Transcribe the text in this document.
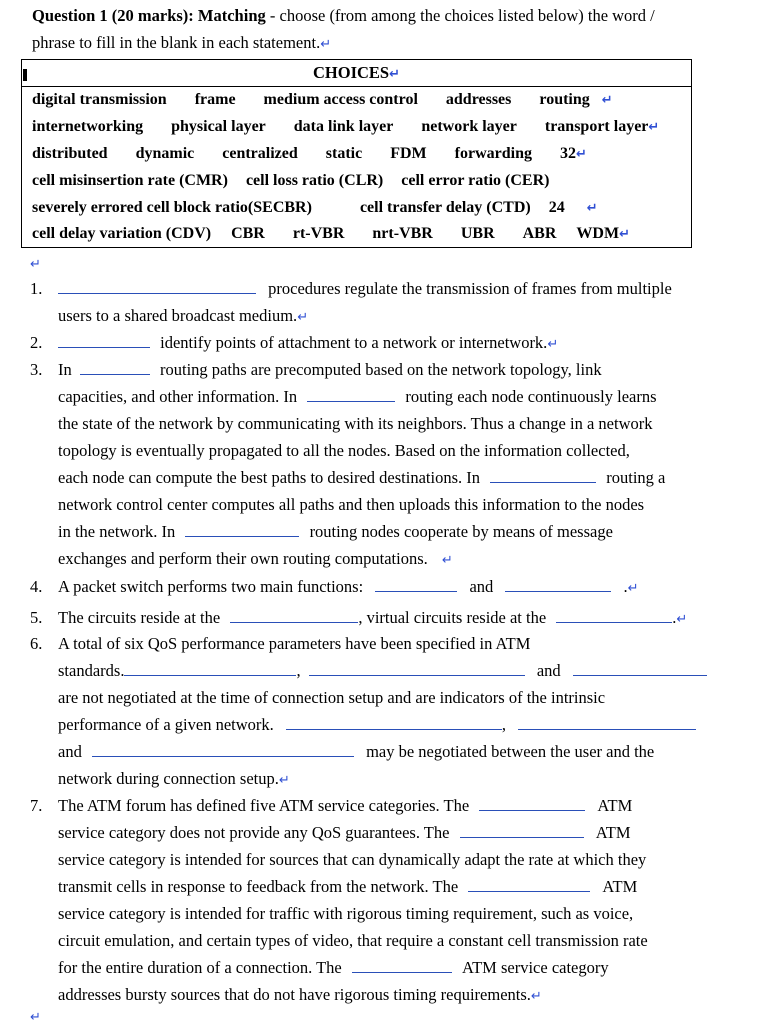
Question 1 (20 marks): Matching - choose (from among the choices listed below) the word /
phrase to fill in the blank in each statement.↵
CHOICES↵
digital transmission frame medium access control addresses routing ↵
internetworking physical layer data link layer network layer transport layer↵
distributed dynamic centralized static FDM forwarding 32↵
cell misinsertion rate (CMR) cell loss ratio (CLR) cell error ratio (CER)
severely errored cell block ratio(SECBR)	cell transfer delay (CTD) 24 ↵
cell delay variation (CDV) CBR rt-VBR nrt-VBR UBR ABR WDM↵
↵
1.	procedures regulate the transmission of frames from multiple
users to a shared broadcast medium.↵
2.	identify points of attachment to a network or internetwork.↵
3. In	routing paths are precomputed based on the network topology, link
capacities, and other information. In	routing each node continuously learns
the state of the network by communicating with its neighbors. Thus a change in a network
topology is eventually propagated to all the nodes. Based on the information collected,
each node can compute the best paths to desired destinations. In	routing a
network control center computes all paths and then uploads this information to the nodes
in the network. In	routing nodes cooperate by means of message
exchanges and perform their own routing computations. ↵
4. A packet switch performs two main functions:	and	.↵
5. The circuits reside at the	, virtual circuits reside at the	.↵
6. A total of six QoS performance parameters have been specified in ATM
standards.	,	and
are not negotiated at the time of connection setup and are indicators of the intrinsic
performance of a given network.	,
and	may be negotiated between the user and the
network during connection setup.↵
7. The ATM forum has defined five ATM service categories. The	ATM
service category does not provide any QoS guarantees. The	ATM
service category is intended for sources that can dynamically adapt the rate at which they
transmit cells in response to feedback from the network. The	ATM
service category is intended for traffic with rigorous timing requirement, such as voice,
circuit emulation, and certain types of video, that require a constant cell transmission rate
for the entire duration of a connection. The	ATM service category
addresses bursty sources that do not have rigorous timing requirements.↵
↵
